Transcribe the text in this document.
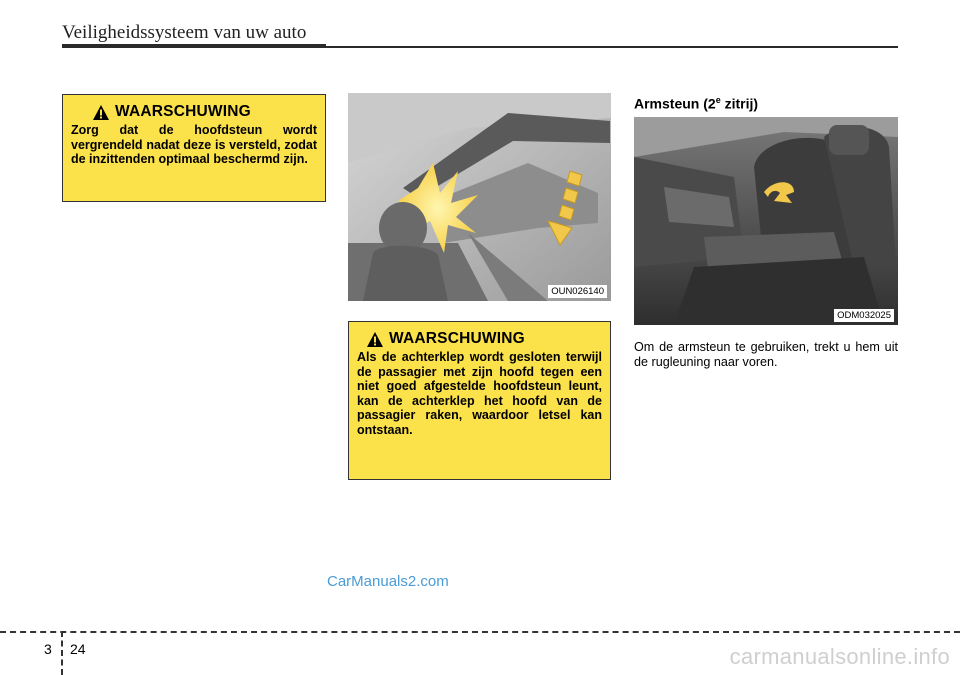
Veiligheidssysteem van uw auto
WAARSCHUWING
Zorg dat de hoofdsteun wordt vergrendeld nadat deze is versteld, zodat de inzittenden optimaal beschermd zijn.
OUN026140
WAARSCHUWING
Als de achterklep wordt gesloten terwijl de passagier met zijn hoofd tegen een niet goed afgestelde hoofdsteun leunt, kan de achterklep het hoofd van de passagier raken, waardoor letsel kan ontstaan.
Armsteun (2e zitrij)
ODM032025
Om de armsteun te gebruiken, trekt u hem uit de rugleuning naar voren.
CarManuals2.com
3 24	carmanualsonline.info
